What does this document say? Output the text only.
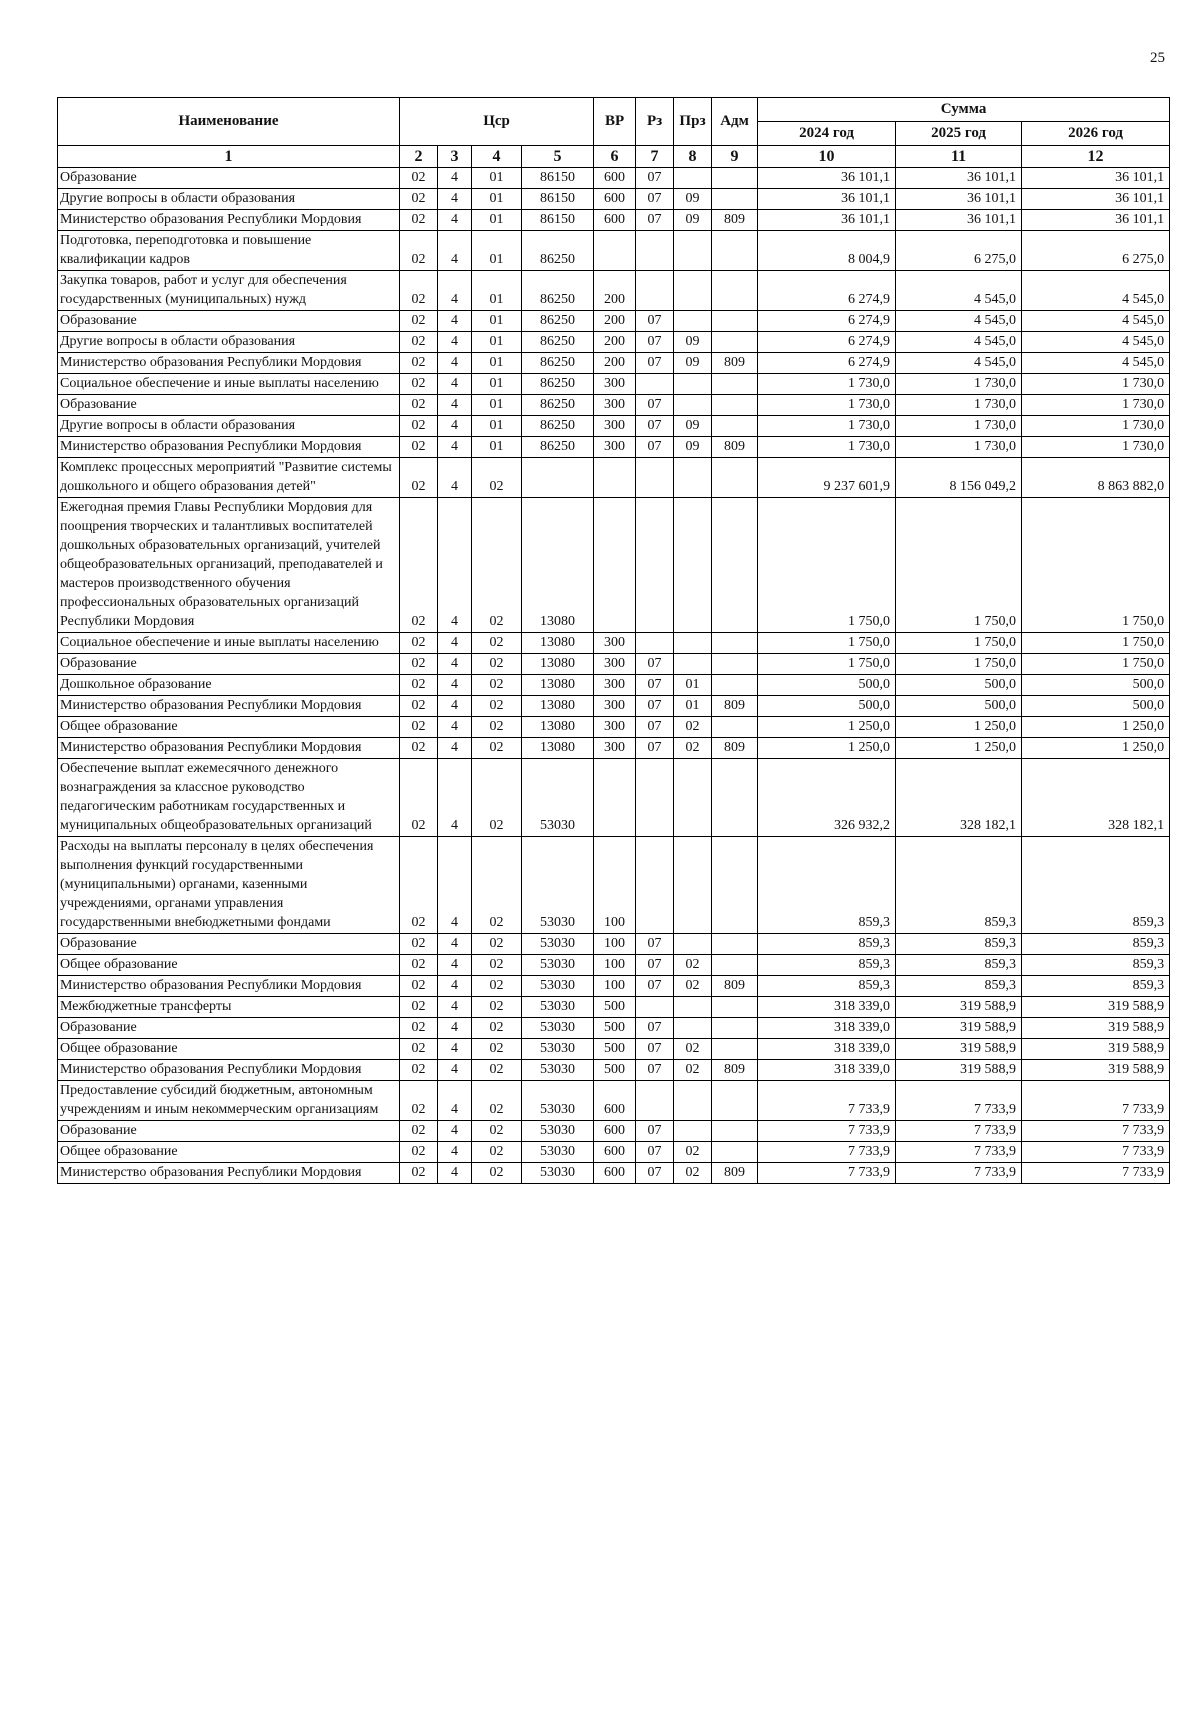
25
Наименование	Цср				ВР	Рз	Прз	Адм	Сумма		
									2024 год	2025 год	2026 год
1	2	3	4	5	6	7	8	9	10	11	12
Образование	02	4	01	86150	600	07			36 101,1	36 101,1	36 101,1
Другие вопросы в области образования	02	4	01	86150	600	07	09		36 101,1	36 101,1	36 101,1
Министерство образования Республики Мордовия	02	4	01	86150	600	07	09	809	36 101,1	36 101,1	36 101,1
Подготовка, переподготовка и повышение квалификации кадров	02	4	01	86250					8 004,9	6 275,0	6 275,0
Закупка товаров, работ и услуг для обеспечения государственных (муниципальных) нужд	02	4	01	86250	200				6 274,9	4 545,0	4 545,0
Образование	02	4	01	86250	200	07			6 274,9	4 545,0	4 545,0
Другие вопросы в области образования	02	4	01	86250	200	07	09		6 274,9	4 545,0	4 545,0
Министерство образования Республики Мордовия	02	4	01	86250	200	07	09	809	6 274,9	4 545,0	4 545,0
Социальное обеспечение и иные выплаты населению	02	4	01	86250	300				1 730,0	1 730,0	1 730,0
Образование	02	4	01	86250	300	07			1 730,0	1 730,0	1 730,0
Другие вопросы в области образования	02	4	01	86250	300	07	09		1 730,0	1 730,0	1 730,0
Министерство образования Республики Мордовия	02	4	01	86250	300	07	09	809	1 730,0	1 730,0	1 730,0
Комплекс процессных мероприятий "Развитие системы дошкольного и общего образования детей"	02	4	02						9 237 601,9	8 156 049,2	8 863 882,0
Ежегодная премия Главы Республики Мордовия для поощрения творческих и талантливых воспитателей дошкольных образовательных организаций, учителей общеобразовательных организаций, преподавателей и мастеров производственного обучения профессиональных образовательных организаций Республики Мордовия	02	4	02	13080					1 750,0	1 750,0	1 750,0
Социальное обеспечение и иные выплаты населению	02	4	02	13080	300				1 750,0	1 750,0	1 750,0
Образование	02	4	02	13080	300	07			1 750,0	1 750,0	1 750,0
Дошкольное образование	02	4	02	13080	300	07	01		500,0	500,0	500,0
Министерство образования Республики Мордовия	02	4	02	13080	300	07	01	809	500,0	500,0	500,0
Общее образование	02	4	02	13080	300	07	02		1 250,0	1 250,0	1 250,0
Министерство образования Республики Мордовия	02	4	02	13080	300	07	02	809	1 250,0	1 250,0	1 250,0
Обеспечение выплат ежемесячного денежного вознаграждения за классное руководство педагогическим работникам государственных и муниципальных общеобразовательных организаций	02	4	02	53030					326 932,2	328 182,1	328 182,1
Расходы на выплаты персоналу в целях обеспечения выполнения функций государственными (муниципальными) органами, казенными учреждениями, органами управления государственными внебюджетными фондами	02	4	02	53030	100				859,3	859,3	859,3
Образование	02	4	02	53030	100	07			859,3	859,3	859,3
Общее образование	02	4	02	53030	100	07	02		859,3	859,3	859,3
Министерство образования Республики Мордовия	02	4	02	53030	100	07	02	809	859,3	859,3	859,3
Межбюджетные трансферты	02	4	02	53030	500				318 339,0	319 588,9	319 588,9
Образование	02	4	02	53030	500	07			318 339,0	319 588,9	319 588,9
Общее образование	02	4	02	53030	500	07	02		318 339,0	319 588,9	319 588,9
Министерство образования Республики Мордовия	02	4	02	53030	500	07	02	809	318 339,0	319 588,9	319 588,9
Предоставление субсидий бюджетным, автономным учреждениям и иным некоммерческим организациям	02	4	02	53030	600				7 733,9	7 733,9	7 733,9
Образование	02	4	02	53030	600	07			7 733,9	7 733,9	7 733,9
Общее образование	02	4	02	53030	600	07	02		7 733,9	7 733,9	7 733,9
Министерство образования Республики Мордовия	02	4	02	53030	600	07	02	809	7 733,9	7 733,9	7 733,9
